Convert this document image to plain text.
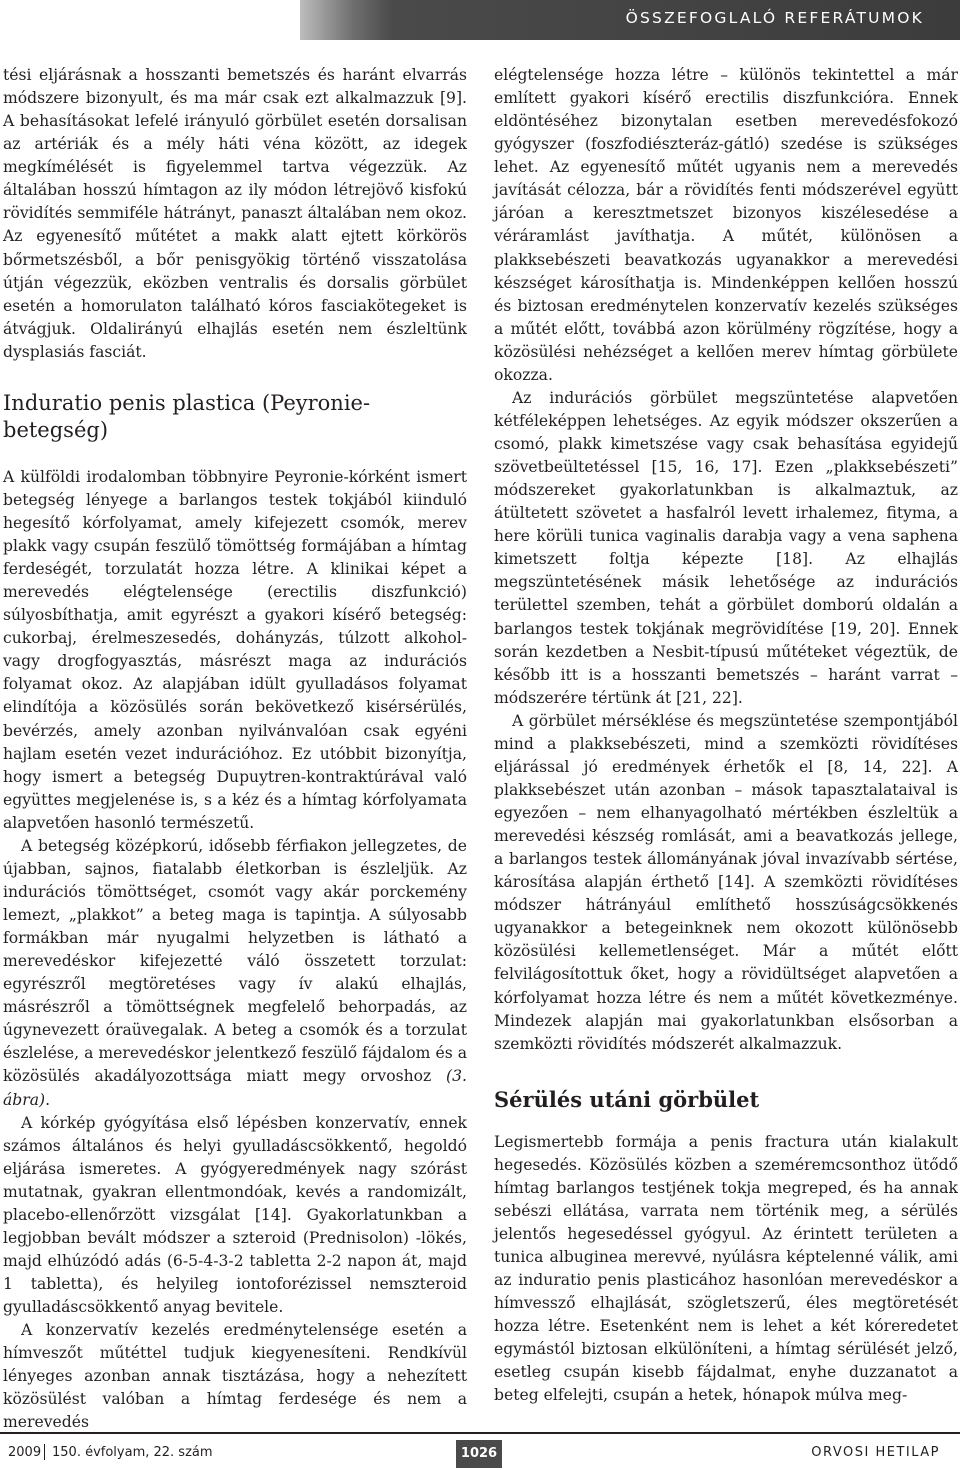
ÖSSZEFOGLALÓ REFERÁTUMOK

tési eljárásnak a hosszanti bemetszés és haránt elvarrás módszere bizonyult, és ma már csak ezt alkalmazzuk [9]. A behasításokat lefelé irányuló görbület esetén dorsalisan az artériák és a mély háti véna között, az idegek megkímélését is figyelemmel tartva végezzük. Az általában hosszú hímtagon az ily módon létrejövő kisfokú rövidítés semmiféle hátrányt, panaszt általában nem okoz. Az egyenesítő műtétet a makk alatt ejtett körkörös bőrmetszésből, a bőr penisgyökig történő visszatolása útján végezzük, eközben ventralis és dorsalis görbület esetén a homorulaton található kóros fasciakötegeket is átvágjuk. Oldalirányú elhajlás esetén nem észleltünk dysplasiás fasciát.

Induratio penis plastica (Peyronie-betegség)

A külföldi irodalomban többnyire Peyronie-kórként ismert betegség lényege a barlangos testek tokjából kiinduló hegesítő kórfolyamat, amely kifejezett csomók, merev plakk vagy csupán feszülő tömöttség formájában a hímtag ferdeségét, torzulatát hozza létre. A klinikai képet a merevedés elégtelensége (erectilis diszfunkció) súlyosbíthatja, amit egyrészt a gyakori kísérő betegség: cukorbaj, érelmeszesedés, dohányzás, túlzott alkohol- vagy drogfogyasztás, másrészt maga az indurációs folyamat okoz. Az alapjában idült gyulladásos folyamat elindítója a közösülés során bekövetkező kisérsérülés, bevérzés, amely azonban nyilvánvalóan csak egyéni hajlam esetén vezet indurációhoz. Ez utóbbit bizonyítja, hogy ismert a betegség Dupuytren-kontraktúrával való együttes megjelenése is, s a kéz és a hímtag kórfolyamata alapvetően hasonló természetű.

A betegség középkorú, idősebb férfiakon jellegzetes, de újabban, sajnos, fiatalabb életkorban is észleljük. Az indurációs tömöttséget, csomót vagy akár porckemény lemezt, „plakkot” a beteg maga is tapintja. A súlyosabb formákban már nyugalmi helyzetben is látható a merevedéskor kifejezetté váló összetett torzulat: egyrészről megtöretéses vagy ív alakú elhajlás, másrészről a tömöttségnek megfelelő behorpadás, az úgynevezett óraüvegalak. A beteg a csomók és a torzulat észlelése, a merevedéskor jelentkező feszülő fájdalom és a közösülés akadályozottsága miatt megy orvoshoz (3. ábra).

A kórkép gyógyítása első lépésben konzervatív, ennek számos általános és helyi gyulladáscsökkentő, hegoldó eljárása ismeretes. A gyógyeredmények nagy szórást mutatnak, gyakran ellentmondóak, kevés a randomizált, placebo-ellenőrzött vizsgálat [14]. Gyakorlatunkban a legjobban bevált módszer a szteroid (Prednisolon) -lökés, majd elhúzódó adás (6-5-4-3-2 tabletta 2-2 napon át, majd 1 tabletta), és helyileg iontoforézissel nemszteroid gyulladáscsökkentő anyag bevitele.

A konzervatív kezelés eredménytelensége esetén a hímveszőt műtéttel tudjuk kiegyenesíteni. Rendkívül lényeges azonban annak tisztázása, hogy a nehezített közösülést valóban a hímtag ferdesége és nem a merevedés

elégtelensége hozza létre – különös tekintettel a már említett gyakori kísérő erectilis diszfunkcióra. Ennek eldöntéséhez bizonytalan esetben merevedésfokozó gyógyszer (foszfodiészteráz-gátló) szedése is szükséges lehet. Az egyenesítő műtét ugyanis nem a merevedés javítását célozza, bár a rövidítés fenti módszerével együtt járóan a keresztmetszet bizonyos kiszélesedése a véráramlást javíthatja. A műtét, különösen a plakksebészeti beavatkozás ugyanakkor a merevedési készséget károsíthatja is. Mindenképpen kellően hosszú és biztosan eredménytelen konzervatív kezelés szükséges a műtét előtt, továbbá azon körülmény rögzítése, hogy a közösülési nehézséget a kellően merev hímtag görbülete okozza.

Az indurációs görbület megszüntetése alapvetően kétféleképpen lehetséges. Az egyik módszer okszerűen a csomó, plakk kimetszése vagy csak behasítása egyidejű szövetbeültetéssel [15, 16, 17]. Ezen „plakksebészeti” módszereket gyakorlatunkban is alkalmaztuk, az átültetett szövetet a hasfalról levett irhalemez, fityma, a here körüli tunica vaginalis darabja vagy a vena saphena kimetszett foltja képezte [18]. Az elhajlás megszüntetésének másik lehetősége az indurációs területtel szemben, tehát a görbület domború oldalán a barlangos testek tokjának megrövidítése [19, 20]. Ennek során kezdetben a Nesbit-típusú műtéteket végeztük, de később itt is a hosszanti bemetszés – haránt varrat – módszerére tértünk át [21, 22].

A görbület mérséklése és megszüntetése szempontjából mind a plakksebészeti, mind a szemközti rövidítéses eljárással jó eredmények érhetők el [8, 14, 22]. A plakksebészet után azonban – mások tapasztalataival is egyezően – nem elhanyagolható mértékben észleltük a merevedési készség romlását, ami a beavatkozás jellege, a barlangos testek állományának jóval invazívabb sértése, károsítása alapján érthető [14]. A szemközti rövidítéses módszer hátrányául említhető hosszúságcsökkenés ugyanakkor a betegeinknek nem okozott különösebb közösülési kellemetlenséget. Már a műtét előtt felvilágosítottuk őket, hogy a rövidültséget alapvetően a kórfolyamat hozza létre és nem a műtét következménye. Mindezek alapján mai gyakorlatunkban elsősorban a szemközti rövidítés módszerét alkalmazzuk.

Sérülés utáni görbület

Legismertebb formája a penis fractura után kialakult hegesedés. Közösülés közben a szeméremcsonthoz ütődő hímtag barlangos testjének tokja megreped, és ha annak sebészi ellátása, varrata nem történik meg, a sérülés jelentős hegesedéssel gyógyul. Az érintett területen a tunica albuginea merevvé, nyúlásra képtelenné válik, ami az induratio penis plasticához hasonlóan merevedéskor a hímvessző elhajlását, szögletszerű, éles megtöretését hozza létre. Esetenként nem is lehet a két kóreredetet egymástól biztosan elkülöníteni, a hímtag sérülését jelző, esetleg csupán kisebb fájdalmat, enyhe duzzanatot a beteg elfelejti, csupán a hetek, hónapok múlva meg-

2009 150. évfolyam, 22. szám	1026	ORVOSI HETILAP
